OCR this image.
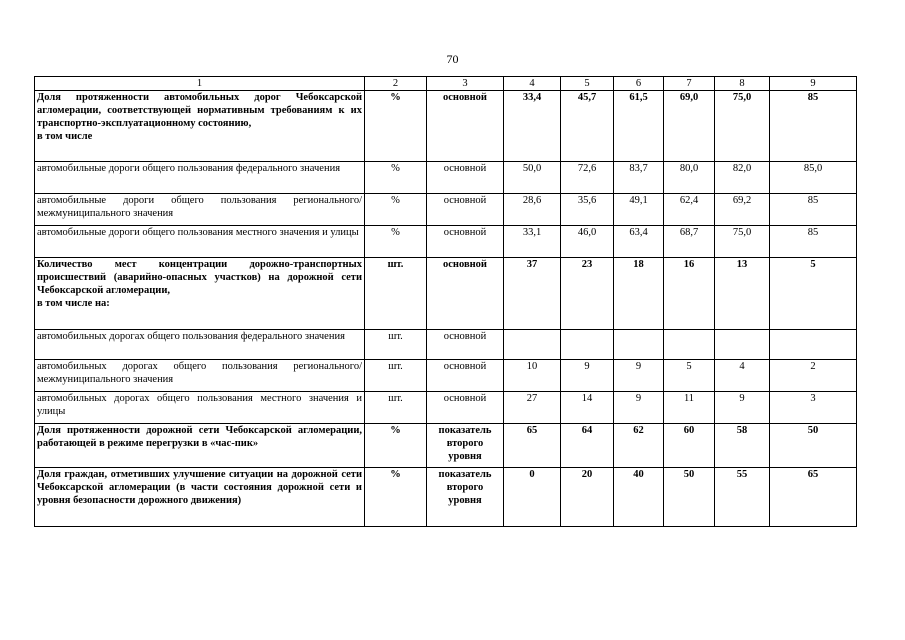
70
1	2	3	4	5	6	7	8	9
Доля протяженности автомобильных дорог Чебоксарской агломерации, соответствующей нормативным требованиям к их транспортно-эксплуатационному состоянию,
в том числе	%	основной	33,4	45,7	61,5	69,0	75,0	85
автомобильные дороги общего пользования федерального значения	%	основной	50,0	72,6	83,7	80,0	82,0	85,0
автомобильные дороги общего пользования регионального/ межмуниципального значения	%	основной	28,6	35,6	49,1	62,4	69,2	85
автомобильные дороги общего пользования местного значения и улицы	%	основной	33,1	46,0	63,4	68,7	75,0	85
Количество мест концентрации дорожно-транспортных происшествий (аварийно-опасных участков) на дорожной сети Чебоксарской агломерации,
в том числе на:	шт.	основной	37	23	18	16	13	5
автомобильных дорогах общего пользования федерального значения	шт.	основной						
автомобильных дорогах общего пользования регионального/ межмуниципального значения	шт.	основной	10	9	9	5	4	2
автомобильных дорогах общего пользования местного значения и улицы	шт.	основной	27	14	9	11	9	3
Доля протяженности дорожной сети Чебоксарской агломерации, работающей в режиме перегрузки в «час-пик»	%	показатель второго уровня	65	64	62	60	58	50
Доля граждан, отметивших улучшение ситуации на дорожной сети Чебоксарской агломерации (в части состояния дорожной сети и уровня безопасности дорожного движения)	%	показатель второго уровня	0	20	40	50	55	65
